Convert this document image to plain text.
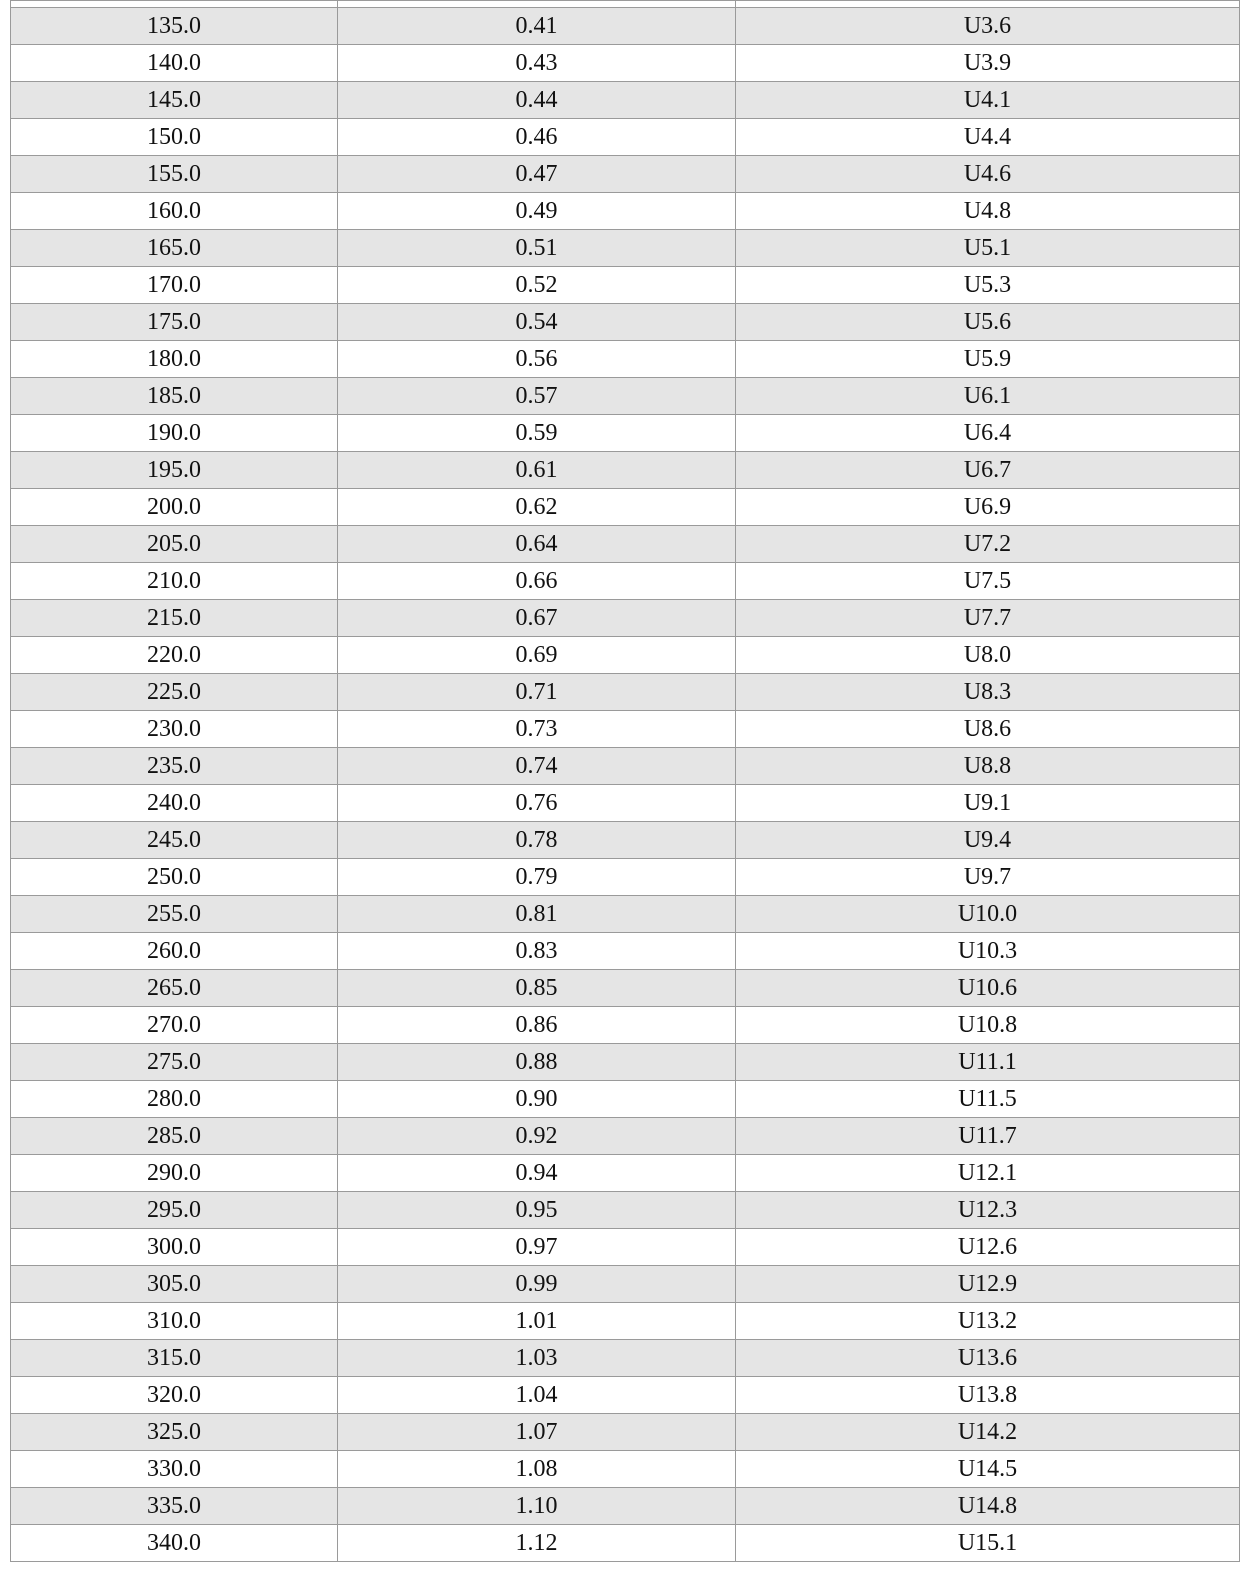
135.0	0.41	U3.6
140.0	0.43	U3.9
145.0	0.44	U4.1
150.0	0.46	U4.4
155.0	0.47	U4.6
160.0	0.49	U4.8
165.0	0.51	U5.1
170.0	0.52	U5.3
175.0	0.54	U5.6
180.0	0.56	U5.9
185.0	0.57	U6.1
190.0	0.59	U6.4
195.0	0.61	U6.7
200.0	0.62	U6.9
205.0	0.64	U7.2
210.0	0.66	U7.5
215.0	0.67	U7.7
220.0	0.69	U8.0
225.0	0.71	U8.3
230.0	0.73	U8.6
235.0	0.74	U8.8
240.0	0.76	U9.1
245.0	0.78	U9.4
250.0	0.79	U9.7
255.0	0.81	U10.0
260.0	0.83	U10.3
265.0	0.85	U10.6
270.0	0.86	U10.8
275.0	0.88	U11.1
280.0	0.90	U11.5
285.0	0.92	U11.7
290.0	0.94	U12.1
295.0	0.95	U12.3
300.0	0.97	U12.6
305.0	0.99	U12.9
310.0	1.01	U13.2
315.0	1.03	U13.6
320.0	1.04	U13.8
325.0	1.07	U14.2
330.0	1.08	U14.5
335.0	1.10	U14.8
340.0	1.12	U15.1
